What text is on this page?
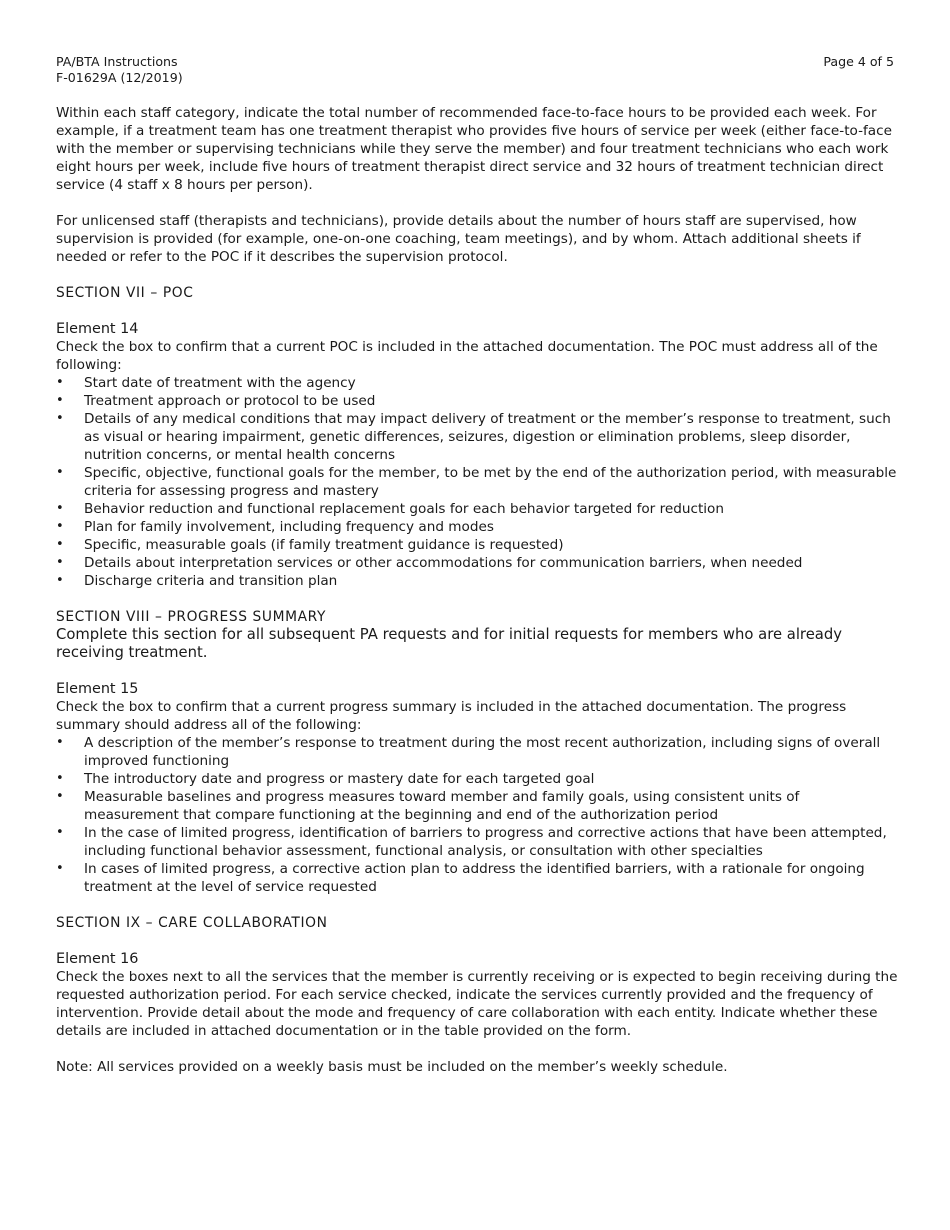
PA/BTA Instructions
F-01629A (12/2019)
Page 4 of 5

Within each staff category, indicate the total number of recommended face-to-face hours to be provided each week. For example, if a treatment team has one treatment therapist who provides five hours of service per week (either face-to-face with the member or supervising technicians while they serve the member) and four treatment technicians who each work eight hours per week, include five hours of treatment therapist direct service and 32 hours of treatment technician direct service (4 staff x 8 hours per person).

For unlicensed staff (therapists and technicians), provide details about the number of hours staff are supervised, how supervision is provided (for example, one-on-one coaching, team meetings), and by whom. Attach additional sheets if needed or refer to the POC if it describes the supervision protocol.

SECTION VII – POC

Element 14

Check the box to confirm that a current POC is included in the attached documentation. The POC must address all of the following:

• Start date of treatment with the agency
• Treatment approach or protocol to be used
• Details of any medical conditions that may impact delivery of treatment or the member’s response to treatment, such as visual or hearing impairment, genetic differences, seizures, digestion or elimination problems, sleep disorder, nutrition concerns, or mental health concerns
• Specific, objective, functional goals for the member, to be met by the end of the authorization period, with measurable criteria for assessing progress and mastery
• Behavior reduction and functional replacement goals for each behavior targeted for reduction
• Plan for family involvement, including frequency and modes
• Specific, measurable goals (if family treatment guidance is requested)
• Details about interpretation services or other accommodations for communication barriers, when needed
• Discharge criteria and transition plan

SECTION VIII – PROGRESS SUMMARY

Complete this section for all subsequent PA requests and for initial requests for members who are already receiving treatment.

Element 15

Check the box to confirm that a current progress summary is included in the attached documentation. The progress summary should address all of the following:

• A description of the member’s response to treatment during the most recent authorization, including signs of overall improved functioning
• The introductory date and progress or mastery date for each targeted goal
• Measurable baselines and progress measures toward member and family goals, using consistent units of measurement that compare functioning at the beginning and end of the authorization period
• In the case of limited progress, identification of barriers to progress and corrective actions that have been attempted, including functional behavior assessment, functional analysis, or consultation with other specialties
• In cases of limited progress, a corrective action plan to address the identified barriers, with a rationale for ongoing treatment at the level of service requested

SECTION IX – CARE COLLABORATION

Element 16

Check the boxes next to all the services that the member is currently receiving or is expected to begin receiving during the requested authorization period. For each service checked, indicate the services currently provided and the frequency of intervention. Provide detail about the mode and frequency of care collaboration with each entity. Indicate whether these details are included in attached documentation or in the table provided on the form.

Note: All services provided on a weekly basis must be included on the member’s weekly schedule.
